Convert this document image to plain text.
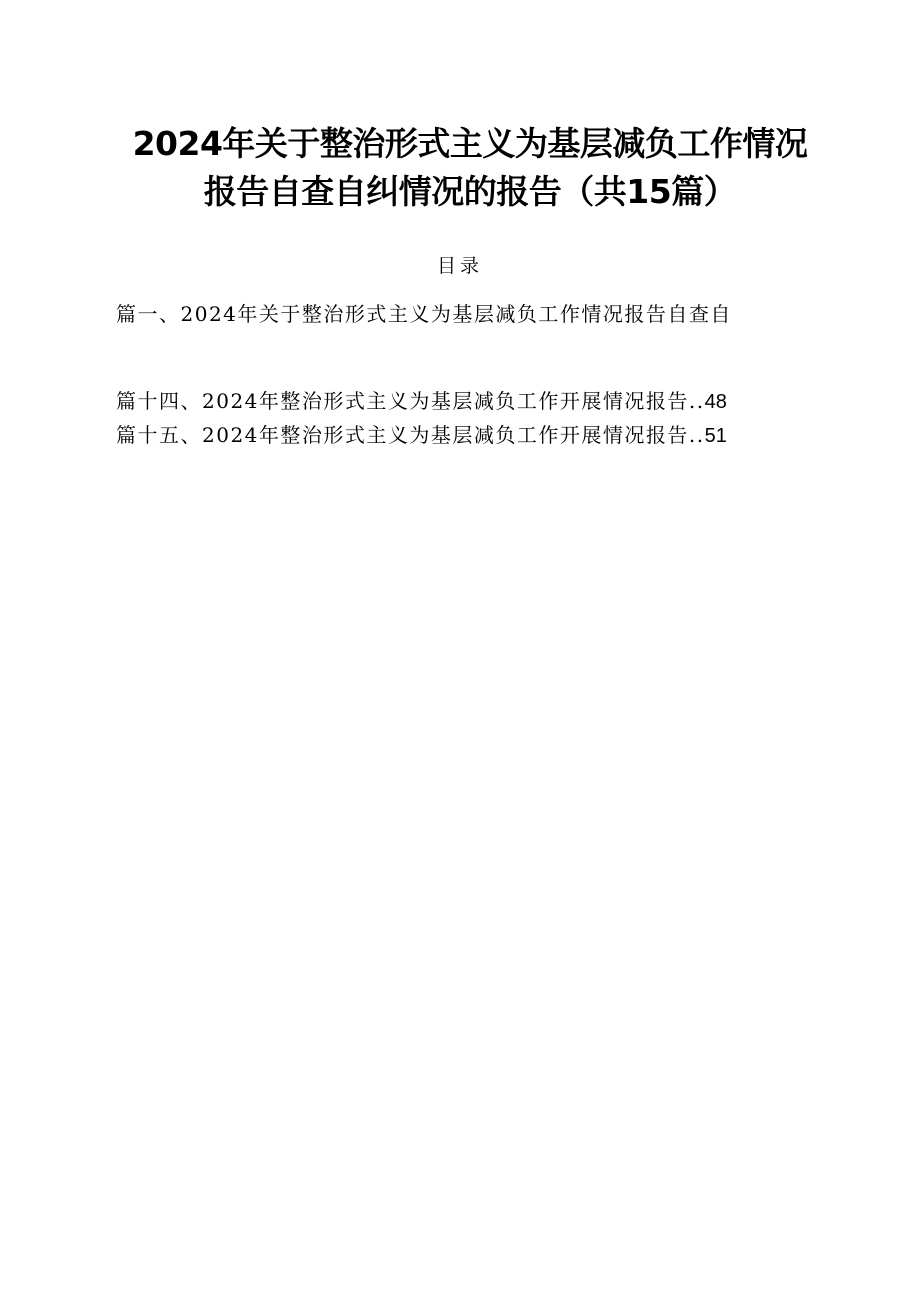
2024年关于整治形式主义为基层减负工作情况
报告自查自纠情况的报告（共15篇）
目录
篇一、2024年关于整治形式主义为基层减负工作情况报告自查自
篇十四、2024年整治形式主义为基层减负工作开展情况报告..48
篇十五、2024年整治形式主义为基层减负工作开展情况报告..51
